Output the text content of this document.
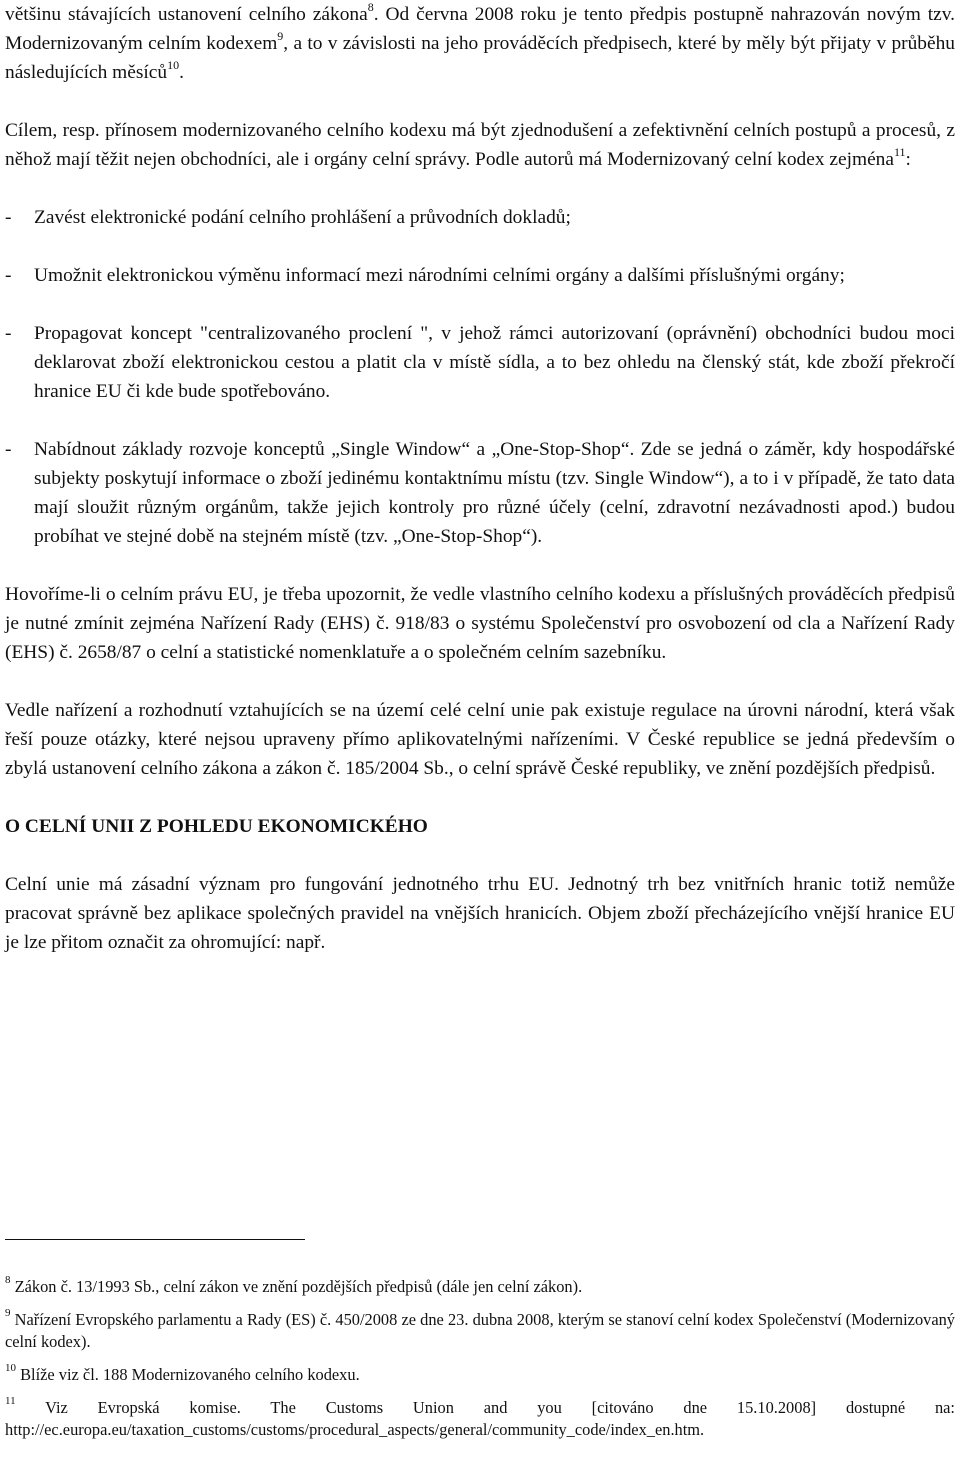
většinu stávajících ustanovení celního zákona$^8$. Od června 2008 roku je tento předpis postupně nahrazován novým tzv. Modernizovaným celním kodexem$^9$, a to v závislosti na jeho prováděcích předpisech, které by měly být přijaty v průběhu následujících měsíců$^{10}$.

Cílem, resp. přínosem modernizovaného celního kodexu má být zjednodušení a zefektivnění celních postupů a procesů, z něhož mají těžit nejen obchodníci, ale i orgány celní správy. Podle autorů má Modernizovaný celní kodex zejména$^{11}$:

-	Zavést elektronické podání celního prohlášení a průvodních dokladů;
-	Umožnit elektronickou výměnu informací mezi národními celními orgány a dalšími příslušnými orgány;
-	Propagovat koncept "centralizovaného proclení ", v jehož rámci autorizovaní (oprávnění) obchodníci budou moci deklarovat zboží elektronickou cestou a platit cla v místě sídla, a to bez ohledu na členský stát, kde zboží překročí hranice EU či kde bude spotřebováno.
-	Nabídnout základy rozvoje konceptů „Single Window“ a „One-Stop-Shop“. Zde se jedná o záměr, kdy hospodářské subjekty poskytují informace o zboží jedinému kontaktnímu místu (tzv. Single Window“), a to i v případě, že tato data mají sloužit různým orgánům, takže jejich kontroly pro různé účely (celní, zdravotní nezávadnosti apod.) budou probíhat ve stejné době na stejném místě (tzv. „One-Stop-Shop“).

Hovoříme-li o celním právu EU, je třeba upozornit, že vedle vlastního celního kodexu a příslušných prováděcích předpisů je nutné zmínit zejména Nařízení Rady (EHS) č. 918/83 o systému Společenství pro osvobození od cla a Nařízení Rady (EHS) č. 2658/87 o celní a statistické nomenklatuře a o společném celním sazebníku.

Vedle nařízení a rozhodnutí vztahujících se na území celé celní unie pak existuje regulace na úrovni národní, která však řeší pouze otázky, které nejsou upraveny přímo aplikovatelnými nařízeními. V České republice se jedná především o zbylá ustanovení celního zákona a zákon č. 185/2004 Sb., o celní správě České republiky, ve znění pozdějších předpisů.

O CELNÍ UNII Z POHLEDU EKONOMICKÉHO

Celní unie má zásadní význam pro fungování jednotného trhu EU. Jednotný trh bez vnitřních hranic totiž nemůže pracovat správně bez aplikace společných pravidel na vnějších hranicích. Objem zboží přecházejícího vnější hranice EU je lze přitom označit za ohromující: např.

$^8$ Zákon č. 13/1993 Sb., celní zákon ve znění pozdějších předpisů (dále jen celní zákon).

$^9$ Nařízení Evropského parlamentu a Rady (ES) č. 450/2008 ze dne 23. dubna 2008, kterým se stanoví celní kodex Společenství (Modernizovaný celní kodex).

$^{10}$ Blíže viz čl. 188 Modernizovaného celního kodexu.

$^{11}$ Viz Evropská komise. The Customs Union and you [citováno dne 15.10.2008] dostupné na:

http://ec.europa.eu/taxation_customs/customs/procedural_aspects/general/community_code/index_en.htm.
